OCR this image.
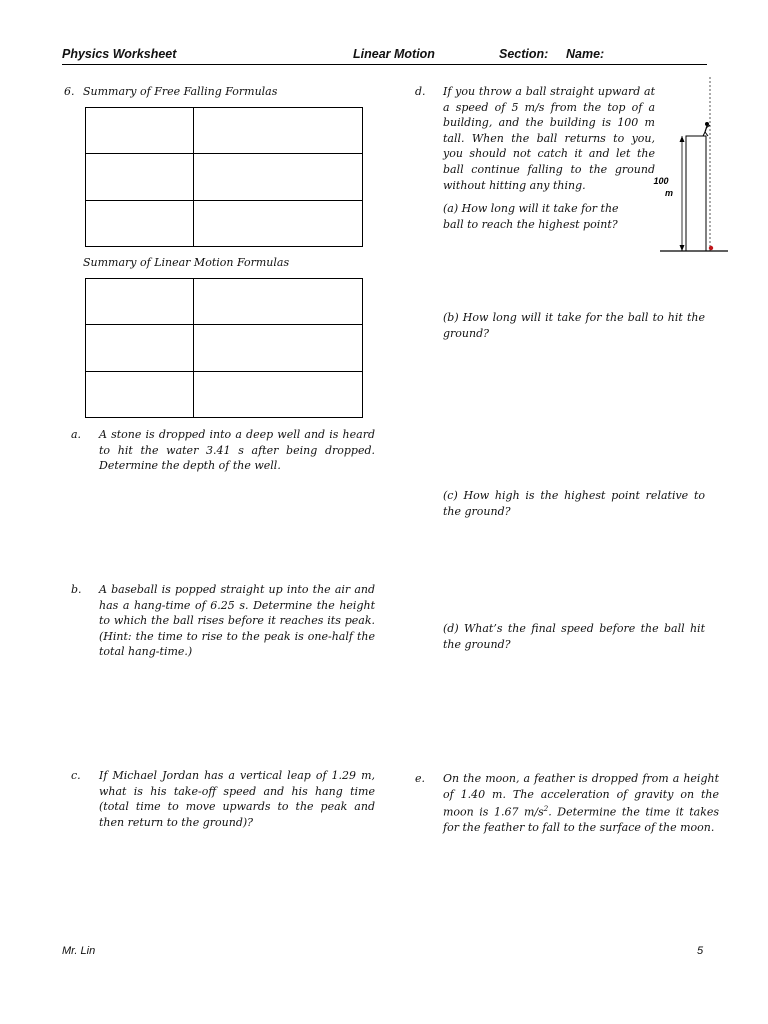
Physics Worksheet	Linear Motion	Section: Name:
6. Summary of Free Falling Formulas

Summary of Linear Motion Formulas

a. A stone is dropped into a deep well and is heard to hit the water 3.41 s after being dropped. Determine the depth of the well.
b. A baseball is popped straight up into the air and has a hang-time of 6.25 s. Determine the height to which the ball rises before it reaches its peak. (Hint: the time to rise to the peak is one-half the total hang-time.)
c. If Michael Jordan has a vertical leap of 1.29 m, what is his take-off speed and his hang time (total time to move upwards to the peak and then return to the ground)?
d. If you throw a ball straight upward at a speed of 5 m/s from the top of a building, and the building is 100 m tall. When the ball returns to you, you should not catch it and let the ball continue falling to the ground without hitting any thing.
(a) How long will it take for the ball to reach the highest point?
(b) How long will it take for the ball to hit the ground?
(c) How high is the highest point relative to the ground?
(d) What’s the final speed before the ball hit the ground?
100
m
e. On the moon, a feather is dropped from a height of 1.40 m. The acceleration of gravity on the moon is 1.67 $m/s^2$. Determine the time it takes for the feather to fall to the surface of the moon.
Mr. Lin	5
